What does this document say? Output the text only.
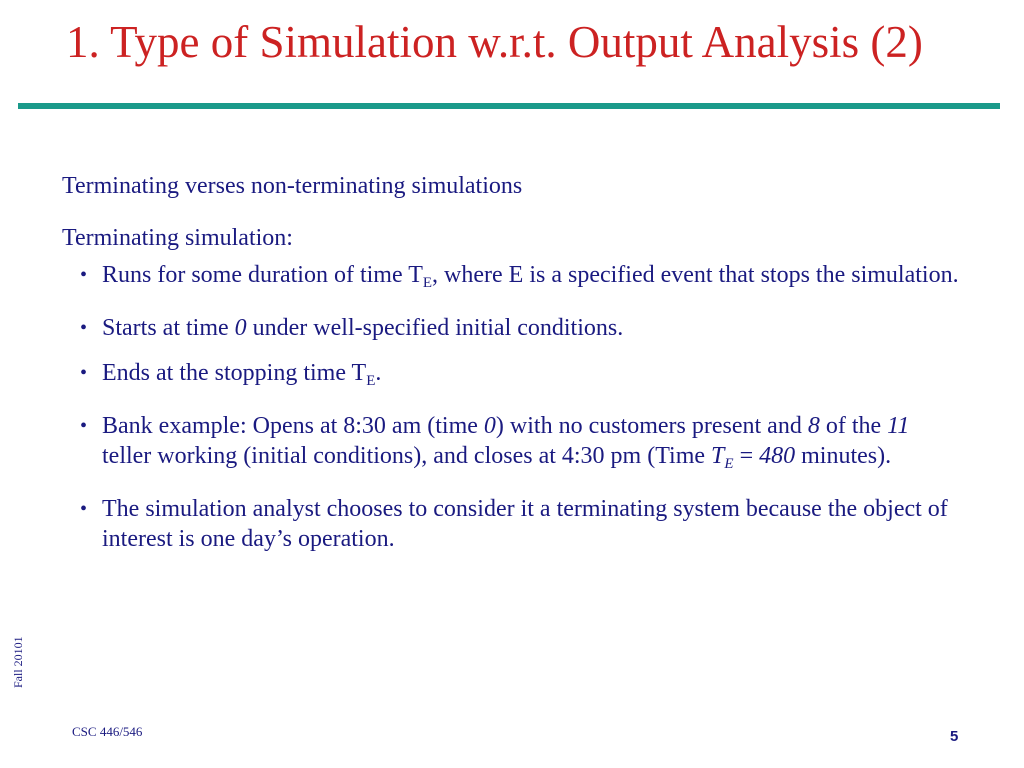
1. Type of Simulation w.r.t. Output Analysis (2)

Terminating verses non-terminating simulations

Terminating simulation:

• Runs for some duration of time $T_E$, where E is a specified event that stops the simulation.
• Starts at time 0 under well-specified initial conditions.
• Ends at the stopping time $T_E$.
• Bank example: Opens at 8:30 am (time 0) with no customers present and 8 of the 11 teller working (initial conditions), and closes at 4:30 pm (Time $T_E = 480$ minutes).
• The simulation analyst chooses to consider it a terminating system because the object of interest is one day’s operation.
Fall 20101
CSC 446/546	5
